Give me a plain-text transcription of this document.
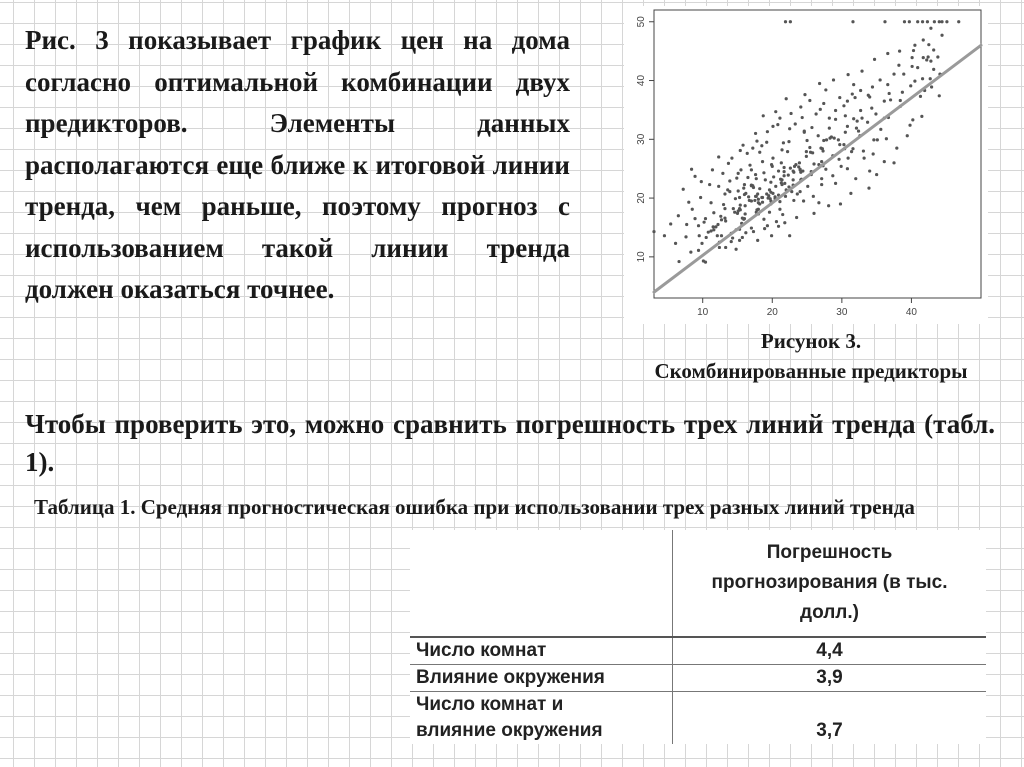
Рис. 3 показывает график цен на дома согласно оптимальной комбинации двух предикторов. Элементы данных располагаются еще ближе к итоговой линии тренда, чем раньше, поэтому прогноз с использованием такой линии тренда должен оказаться точнее.

10	20	30	40
10
20
30
40
50
Рисунок 3.
Скомбинированные предикторы

Чтобы проверить это, можно сравнить погрешность трех линий тренда (табл. 1).

Таблица 1. Средняя прогностическая ошибка при использовании трех разных линий тренда

	Погрешность
прогнозирования (в тыс.
долл.)

Число комнат	4,4

Влияние окружения	3,9

Число комнат и
влияние окружения	3,7
